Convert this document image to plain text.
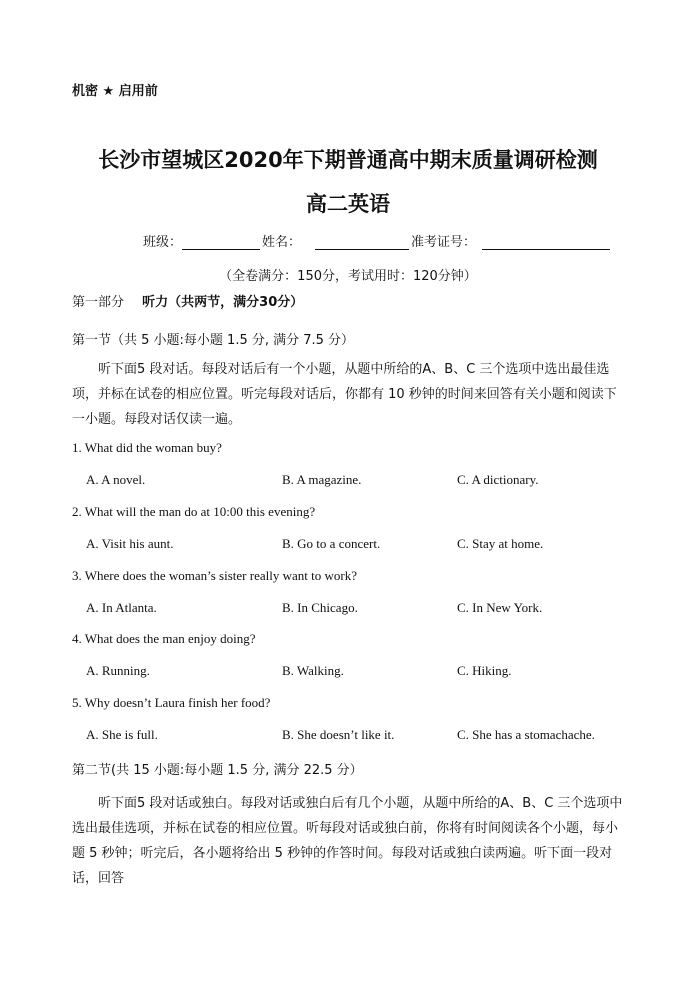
机密 ★ 启用前
长沙市望城区2020年下期普通高中期末质量调研检测
高二英语
班级：	姓名：	准考证号：
（全卷满分：150分，考试用时：120分钟）
第一部分 听力（共两节，满分30分）
第一节（共 5 小题:每小题 1.5 分, 满分 7.5 分）
听下面5 段对话。每段对话后有一个小题，从题中所给的A、B、C 三个选项中选出最佳选项，并标在试卷的相应位置。听完每段对话后，你都有 10 秒钟的时间来回答有关小题和阅读下一小题。每段对话仅读一遍。
1. What did the woman buy?
A. A novel.	B. A magazine.	C. A dictionary.
2. What will the man do at 10:00 this evening?
A. Visit his aunt.	B. Go to a concert.	C. Stay at home.
3. Where does the woman’s sister really want to work?
A. In Atlanta.	B. In Chicago.	C. In New York.
4. What does the man enjoy doing?
A. Running.	B. Walking.	C. Hiking.
5. Why doesn’t Laura finish her food?
A. She is full.	B. She doesn’t like it.	C. She has a stomachache.
第二节(共 15 小题:每小题 1.5 分, 满分 22.5 分）
听下面5 段对话或独白。每段对话或独白后有几个小题，从题中所给的A、B、C 三个选项中选出最佳选项，并标在试卷的相应位置。听每段对话或独白前，你将有时间阅读各个小题，每小题 5 秒钟；听完后，各小题将给出 5 秒钟的作答时间。每段对话或独白读两遍。听下面一段对话，回答
